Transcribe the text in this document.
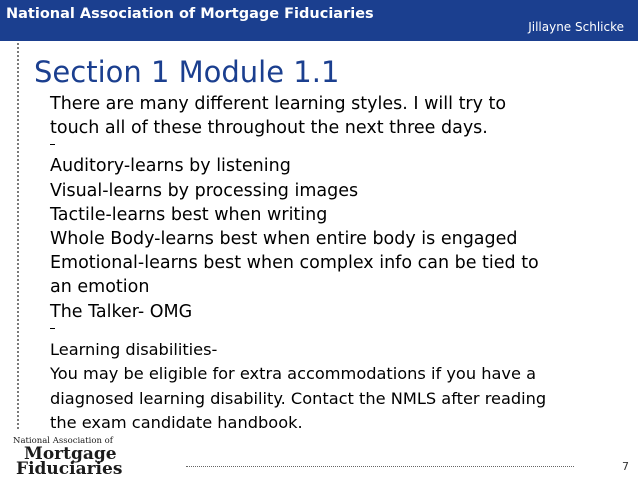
National Association of Mortgage Fiduciaries
Jillayne Schlicke
Section 1 Module 1.1
There are many different learning styles. I will try to
touch all of these throughout the next three days.
Auditory-learns by listening
Visual-learns by processing images
Tactile-learns best when writing
Whole Body-learns best when entire body is engaged
Emotional-learns best when complex info can be tied to
an emotion
The Talker- OMG
Learning disabilities-
You may be eligible for extra accommodations if you have a
diagnosed learning disability. Contact the NMLS after reading
the exam candidate handbook.
National Association of
Mortgage
Fiduciaries	7
